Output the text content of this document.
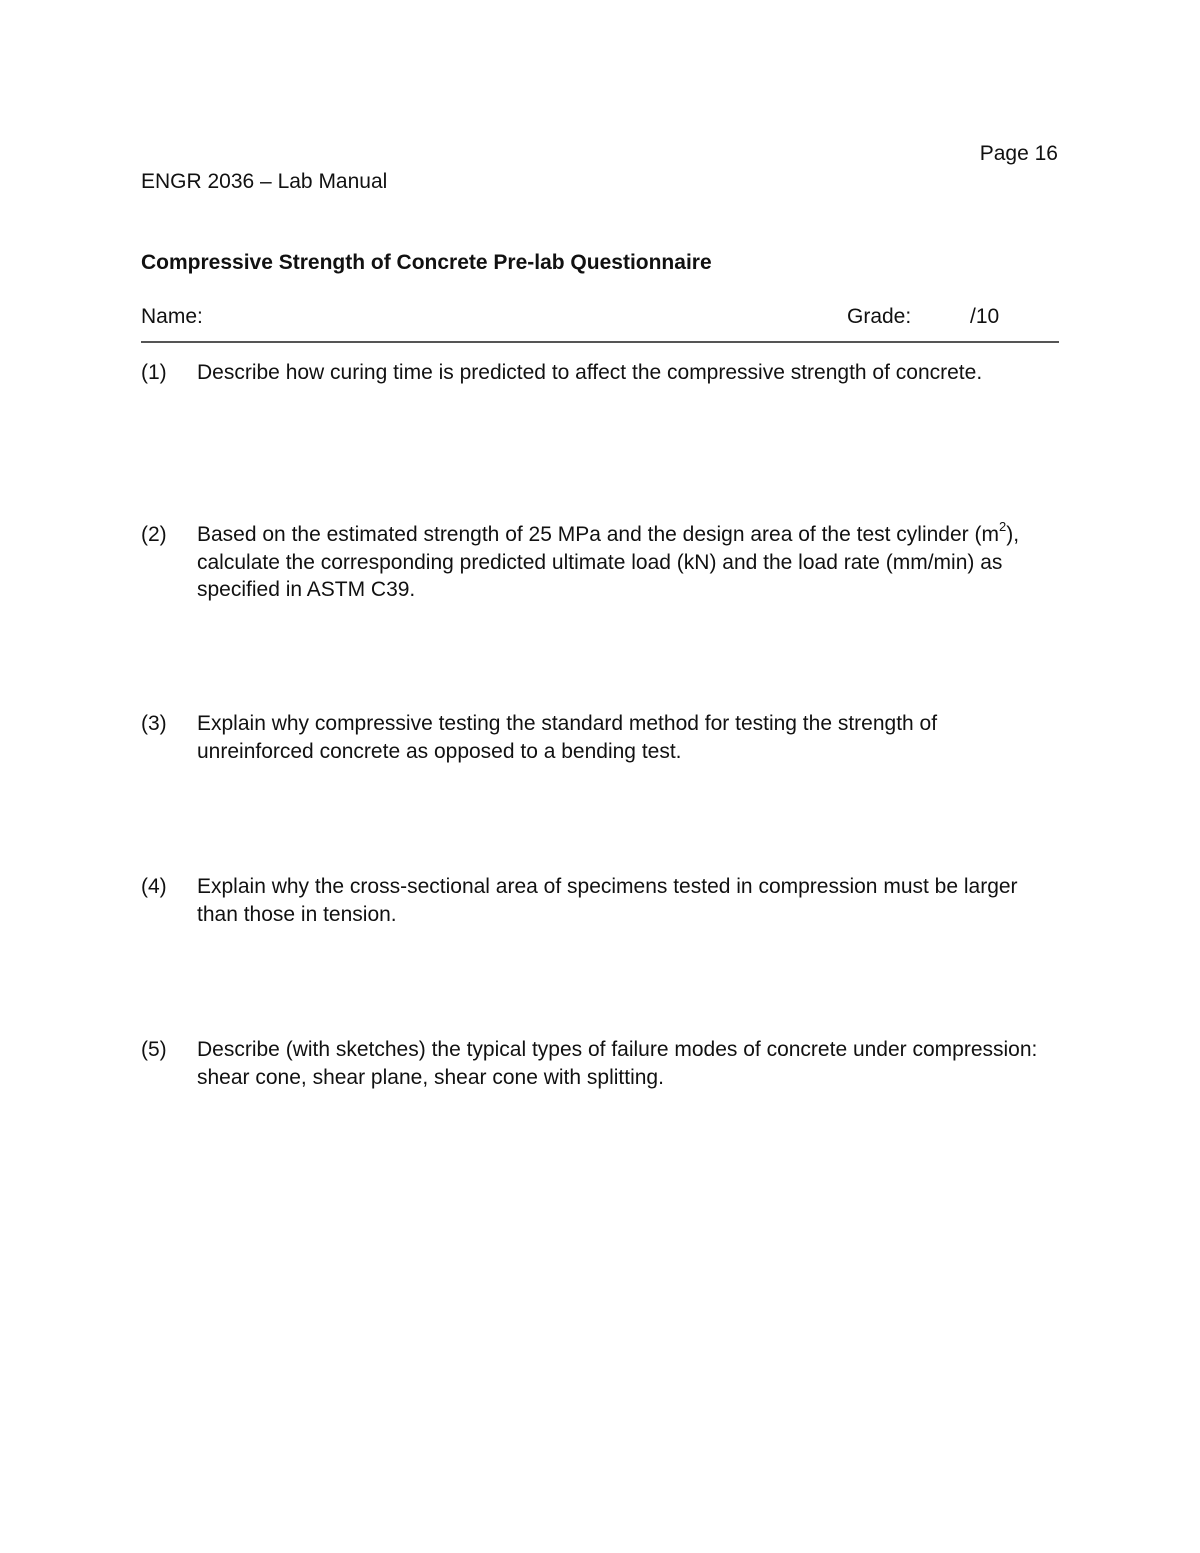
Page 16
ENGR 2036 – Lab Manual
Compressive Strength of Concrete Pre-lab Questionnaire
Name:	Grade:	/10
(1) Describe how curing time is predicted to affect the compressive strength of concrete.
(2) Based on the estimated strength of 25 MPa and the design area of the test cylinder $(m^2)$, calculate the corresponding predicted ultimate load (kN) and the load rate (mm/min) as specified in ASTM C39.
(3) Explain why compressive testing the standard method for testing the strength of unreinforced concrete as opposed to a bending test.
(4) Explain why the cross-sectional area of specimens tested in compression must be larger than those in tension.
(5) Describe (with sketches) the typical types of failure modes of concrete under compression: shear cone, shear plane, shear cone with splitting.
